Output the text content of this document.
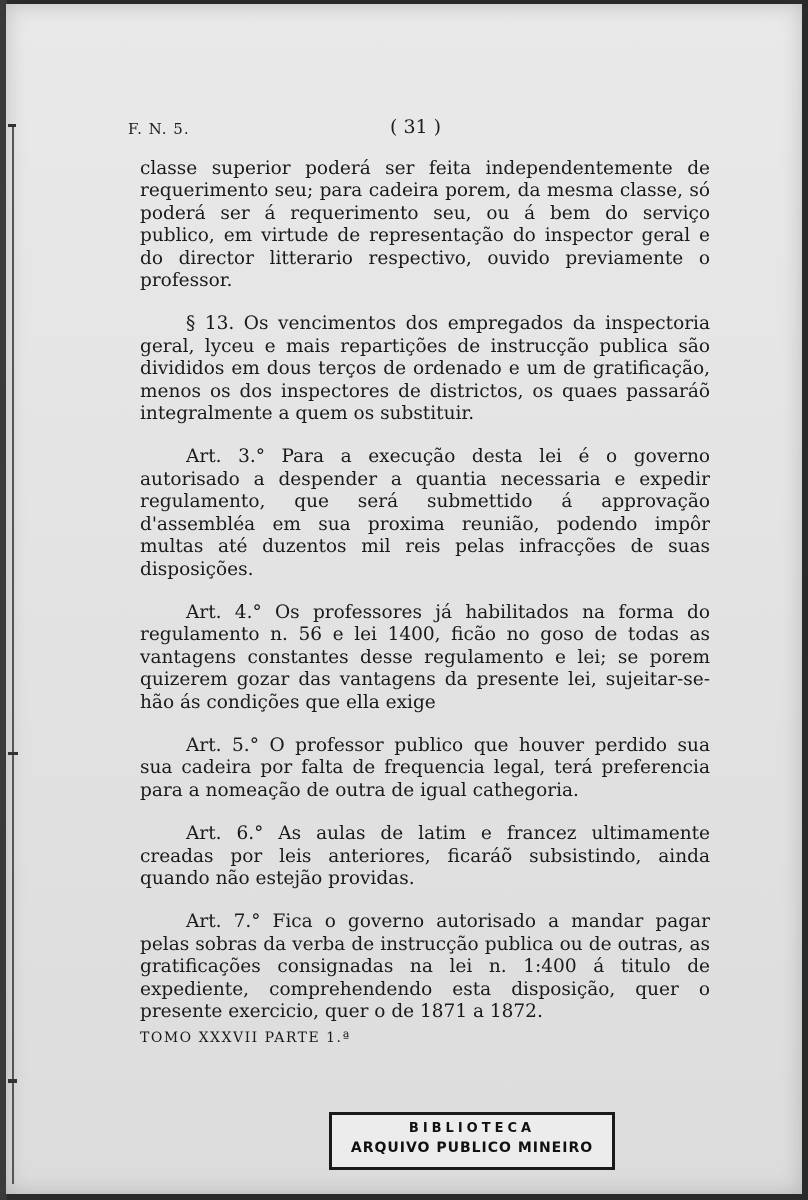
F. N. 5.	( 31 )

classe superior poderá ser feita independentemente de requerimento seu; para cadeira porem, da mesma classe, só poderá ser á requerimento seu, ou á bem do serviço publico, em virtude de representação do inspector geral e do director litterario respectivo, ouvido previamente o professor.

§ 13. Os vencimentos dos empregados da inspectoria geral, lyceu e mais repartições de instrucção publica são divididos em dous terços de ordenado e um de gratificação, menos os dos inspectores de districtos, os quaes passaráõ integralmente a quem os substituir.

Art. 3.° Para a execução desta lei é o governo autorisado a despender a quantia necessaria e expedir regulamento, que será submettido á approvação d'assembléa em sua proxima reunião, podendo impôr multas até duzentos mil reis pelas infracções de suas disposições.

Art. 4.° Os professores já habilitados na forma do regulamento n. 56 e lei 1400, ficão no goso de todas as vantagens constantes desse regulamento e lei; se porem quizerem gozar das vantagens da presente lei, sujeitar-se-hão ás condições que ella exige

Art. 5.° O professor publico que houver perdido sua sua cadeira por falta de frequencia legal, terá preferencia para a nomeação de outra de igual cathegoria.

Art. 6.° As aulas de latim e francez ultimamente creadas por leis anteriores, ficaráõ subsistindo, ainda quando não estejão providas.

Art. 7.° Fica o governo autorisado a mandar pagar pelas sobras da verba de instrucção publica ou de outras, as gratificações consignadas na lei n. 1:400 á titulo de expediente, comprehendendo esta disposição, quer o presente exercicio, quer o de 1871 a 1872.

TOMO XXXVII PARTE 1.ª
BIBLIOTECA
ARQUIVO PUBLICO MINEIRO
